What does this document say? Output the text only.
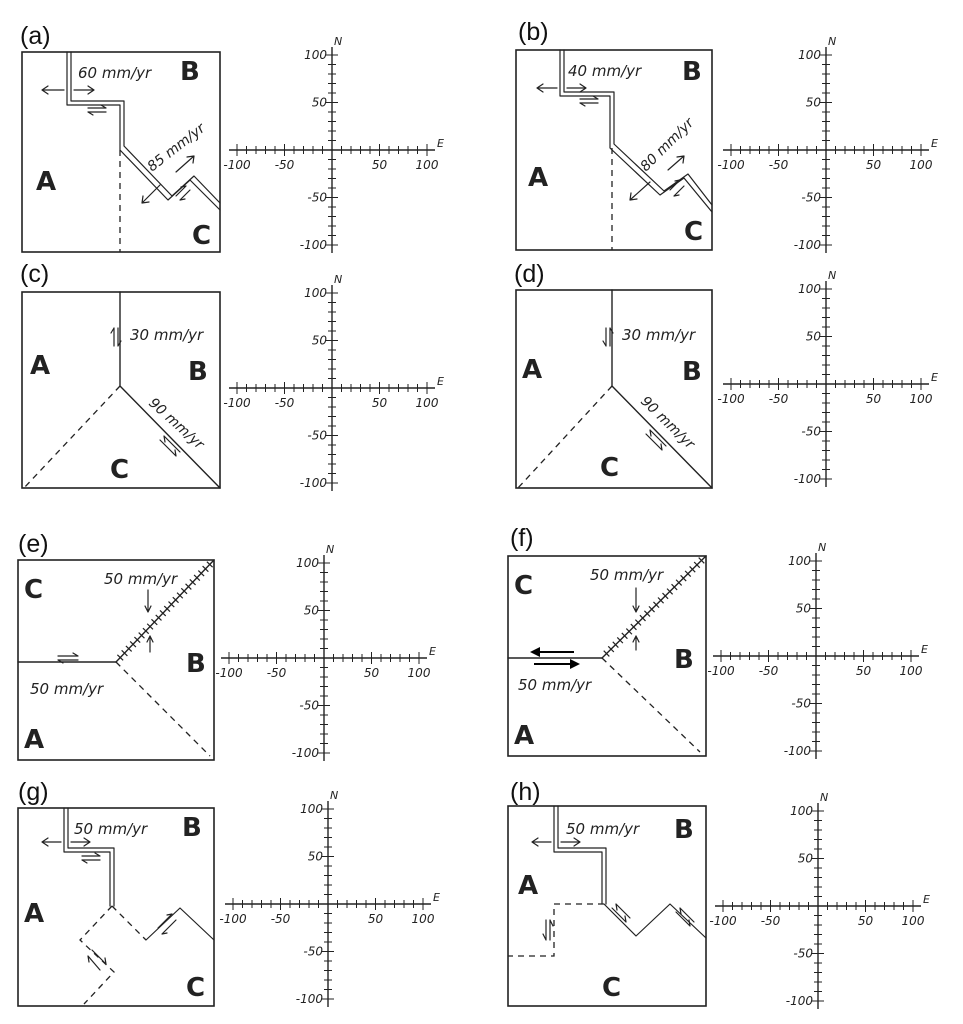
(a)
60 mm/yr
85 mm/yr
B
A
C
-100 -50	50 100
100
50
-50
-100
N
E
(b)
40 mm/yr
80 mm/yr
B
A
C
-100 -50	50 100
100
50
-50
-100
N
E
(c)
30 mm/yr
90 mm/yr
A	B
C
-100 -50	50 100
100
50
-50
-100
N
E
(d)
30 mm/yr
90 mm/yr
A	B
C
-100 -50	50 100
100
50
-50
-100
N
E
(e)
50 mm/yr
50 mm/yr
C
B
A
-100 -50	50 100
100
50
-50
-100
N
E
(f)
50 mm/yr
50 mm/yr
C
B
A
-100 -50	50 100
100
50
-50
-100
N
E
(g)
50 mm/yr B
A
C
-100 -50	50 100
100
50
-50
-100
N
E
(h)
50 mm/yr B
A
C
-100 -50	50 100
100
50
-50
-100
N
E
